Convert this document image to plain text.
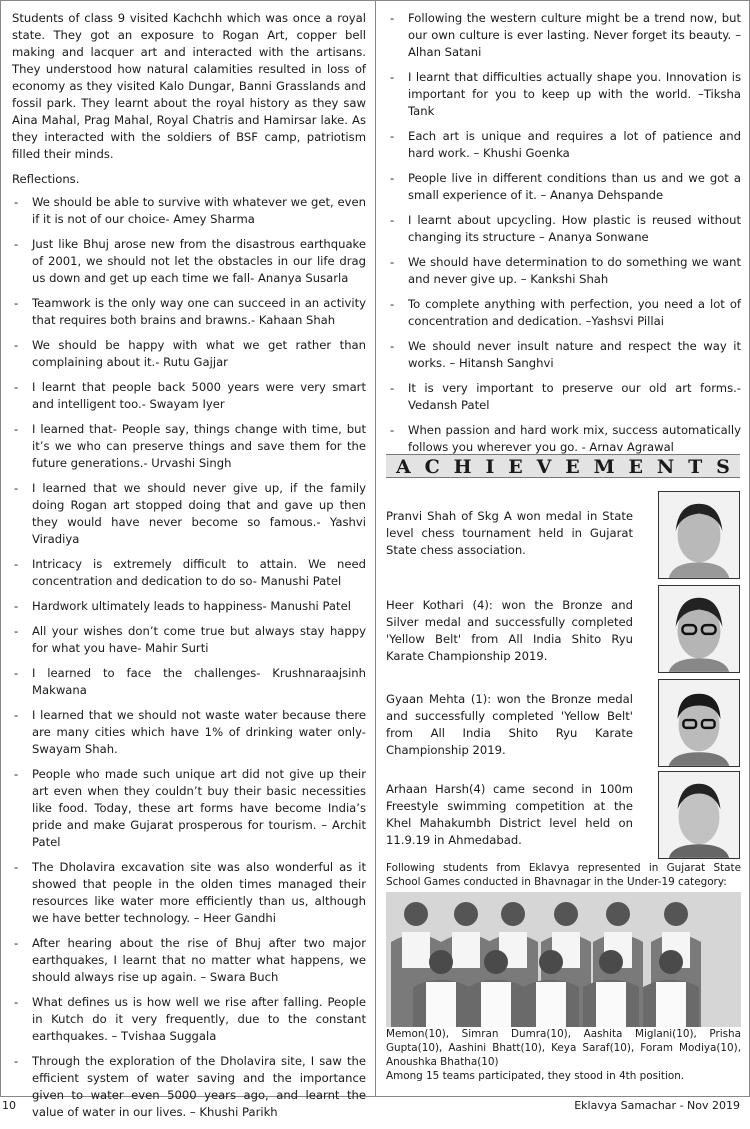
Students of class 9 visited Kachchh which was once a royal state. They got an exposure to Rogan Art, copper bell making and lacquer art and interacted with the artisans. They understood how natural calamities resulted in loss of economy as they visited Kalo Dungar, Banni Grasslands and fossil park. They learnt about the royal history as they saw Aina Mahal, Prag Mahal, Royal Chatris and Hamirsar lake. As they interacted with the soldiers of BSF camp, patriotism filled their minds.
Reflections.
- We should be able to survive with whatever we get, even if it is not of our choice- Amey Sharma
- Just like Bhuj arose new from the disastrous earthquake of 2001, we should not let the obstacles in our life drag us down and get up each time we fall- Ananya Susarla
- Teamwork is the only way one can succeed in an activity that requires both brains and brawns.- Kahaan Shah
- We should be happy with what we get rather than complaining about it.- Rutu Gajjar
- I learnt that people back 5000 years were very smart and intelligent too.- Swayam Iyer
- I learned that- People say, things change with time, but it’s we who can preserve things and save them for the future generations.- Urvashi Singh
- I learned that we should never give up, if the family doing Rogan art stopped doing that and gave up then they would have never become so famous.- Yashvi Viradiya
- Intricacy is extremely difficult to attain. We need concentration and dedication to do so- Manushi Patel
- Hardwork ultimately leads to happiness- Manushi Patel
- All your wishes don’t come true but always stay happy for what you have- Mahir Surti
- I learned to face the challenges- Krushnaraajsinh Makwana
- I learned that we should not waste water because there are many cities which have 1% of drinking water only- Swayam Shah.
- People who made such unique art did not give up their art even when they couldn’t buy their basic necessities like food. Today, these art forms have become India’s pride and make Gujarat prosperous for tourism. – Archit Patel
- The Dholavira excavation site was also wonderful as it showed that people in the olden times managed their resources like water more efficiently than us, although we have better technology. – Heer Gandhi
- After hearing about the rise of Bhuj after two major earthquakes, I learnt that no matter what happens, we should always rise up again. – Swara Buch
- What defines us is how well we rise after falling. People in Kutch do it very frequently, due to the constant earthquakes. – Tvishaa Suggala
- Through the exploration of the Dholavira site, I saw the efficient system of water saving and the importance given to water even 5000 years ago, and learnt the value of water in our lives. – Khushi Parikh
- Following the western culture might be a trend now, but our own culture is ever lasting. Never forget its beauty. – Alhan Satani
- I learnt that difficulties actually shape you. Innovation is important for you to keep up with the world. –Tiksha Tank
- Each art is unique and requires a lot of patience and hard work. – Khushi Goenka
- People live in different conditions than us and we got a small experience of it. – Ananya Dehspande
- I learnt about upcycling. How plastic is reused without changing its structure – Ananya Sonwane
- We should have determination to do something we want and never give up. – Kankshi Shah
- To complete anything with perfection, you need a lot of concentration and dedication. –Yashsvi Pillai
- We should never insult nature and respect the way it works. – Hitansh Sanghvi
- It is very important to preserve our old art forms.- Vedansh Patel
- When passion and hard work mix, success automatically follows you wherever you go. - Arnav Agrawal
A C H I E V E M E N T S
Pranvi Shah of Skg A won medal in State level chess tournament held in Gujarat State chess association.
Heer Kothari (4): won the Bronze and Silver medal and successfully completed 'Yellow Belt' from All India Shito Ryu Karate Championship 2019.
Gyaan Mehta (1): won the Bronze medal and successfully completed 'Yellow Belt' from All India Shito Ryu Karate Championship 2019.
Arhaan Harsh(4) came second in 100m Freestyle swimming competition at the Khel Mahakumbh District level held on 11.9.19 in Ahmedabad.
Following students from Eklavya represented in Gujarat State School Games conducted in Bhavnagar in the Under-19 category:
Memon(10), Simran Dumra(10), Aashita Miglani(10), Prisha Gupta(10), Aashini Bhatt(10), Keya Saraf(10), Foram Modiya(10), Anoushka Bhatha(10)
Among 15 teams participated, they stood in 4th position.
10	Eklavya Samachar - Nov 2019
